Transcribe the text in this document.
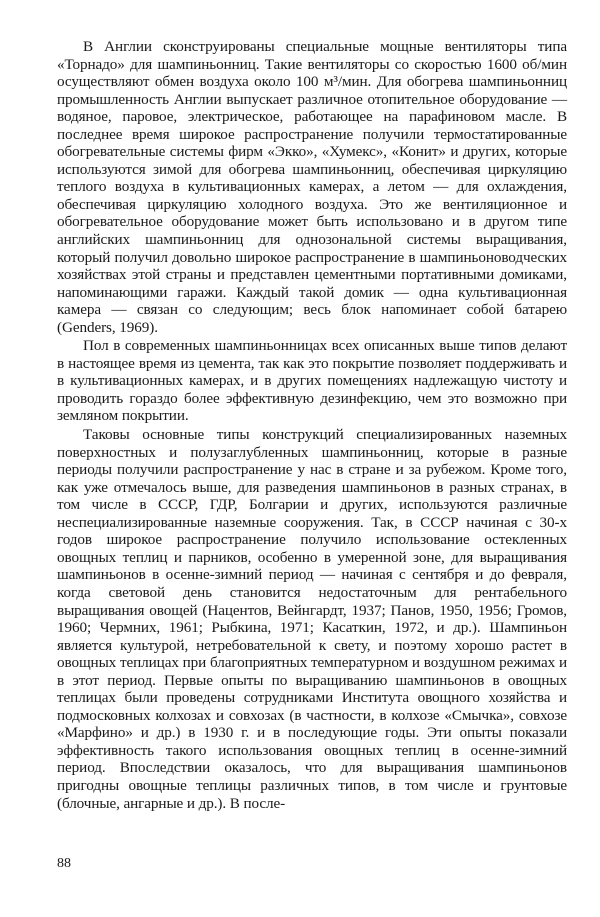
В Англии сконструированы специальные мощные вентиляторы типа «Торнадо» для шампиньонниц. Такие вентиляторы со скоростью 1600 об/мин осуществляют обмен воздуха около 100 м³/мин. Для обогрева шампиньонниц промышленность Англии выпускает различное отопительное оборудование — водяное, паровое, электрическое, работающее на парафиновом масле. В последнее время широкое распространение получили термостатированные обогревательные системы фирм «Экко», «Хумекс», «Конит» и других, которые используются зимой для обогрева шампиньонниц, обеспечивая циркуляцию теплого воздуха в культивационных камерах, а летом — для охлаждения, обеспечивая циркуляцию холодного воздуха. Это же вентиляционное и обогревательное оборудование может быть использовано и в другом типе английских шампиньонниц для однозональной системы выращивания, который получил довольно широкое распространение в шампиньоноводческих хозяйствах этой страны и представлен цементными портативными домиками, напоминающими гаражи. Каждый такой домик — одна культивационная камера — связан со следующим; весь блок напоминает собой батарею (Genders, 1969).

Пол в современных шампиньонницах всех описанных выше типов делают в настоящее время из цемента, так как это покрытие позволяет поддерживать и в культивационных камерах, и в других помещениях надлежащую чистоту и проводить гораздо более эффективную дезинфекцию, чем это возможно при земляном покрытии.

Таковы основные типы конструкций специализированных наземных поверхностных и полузаглубленных шампиньонниц, которые в разные периоды получили распространение у нас в стране и за рубежом. Кроме того, как уже отмечалось выше, для разведения шампиньонов в разных странах, в том числе в СССР, ГДР, Болгарии и других, используются различные неспециализированные наземные сооружения. Так, в СССР начиная с 30-х годов широкое распространение получило использование остекленных овощных теплиц и парников, особенно в умеренной зоне, для выращивания шампиньонов в осенне-зимний период — начиная с сентября и до февраля, когда световой день становится недостаточным для рентабельного выращивания овощей (Нацентов, Вейнгардт, 1937; Панов, 1950, 1956; Громов, 1960; Чермних, 1961; Рыбкина, 1971; Касаткин, 1972, и др.). Шампиньон является культурой, нетребовательной к свету, и поэтому хорошо растет в овощных теплицах при благоприятных температурном и воздушном режимах и в этот период. Первые опыты по выращиванию шампиньонов в овощных теплицах были проведены сотрудниками Института овощного хозяйства и подмосковных колхозах и совхозах (в частности, в колхозе «Смычка», совхозе «Марфино» и др.) в 1930 г. и в последующие годы. Эти опыты показали эффективность такого использования овощных теплиц в осенне-зимний период. Впоследствии оказалось, что для выращивания шампиньонов пригодны овощные теплицы различных типов, в том числе и грунтовые (блочные, ангарные и др.). В после-

88
